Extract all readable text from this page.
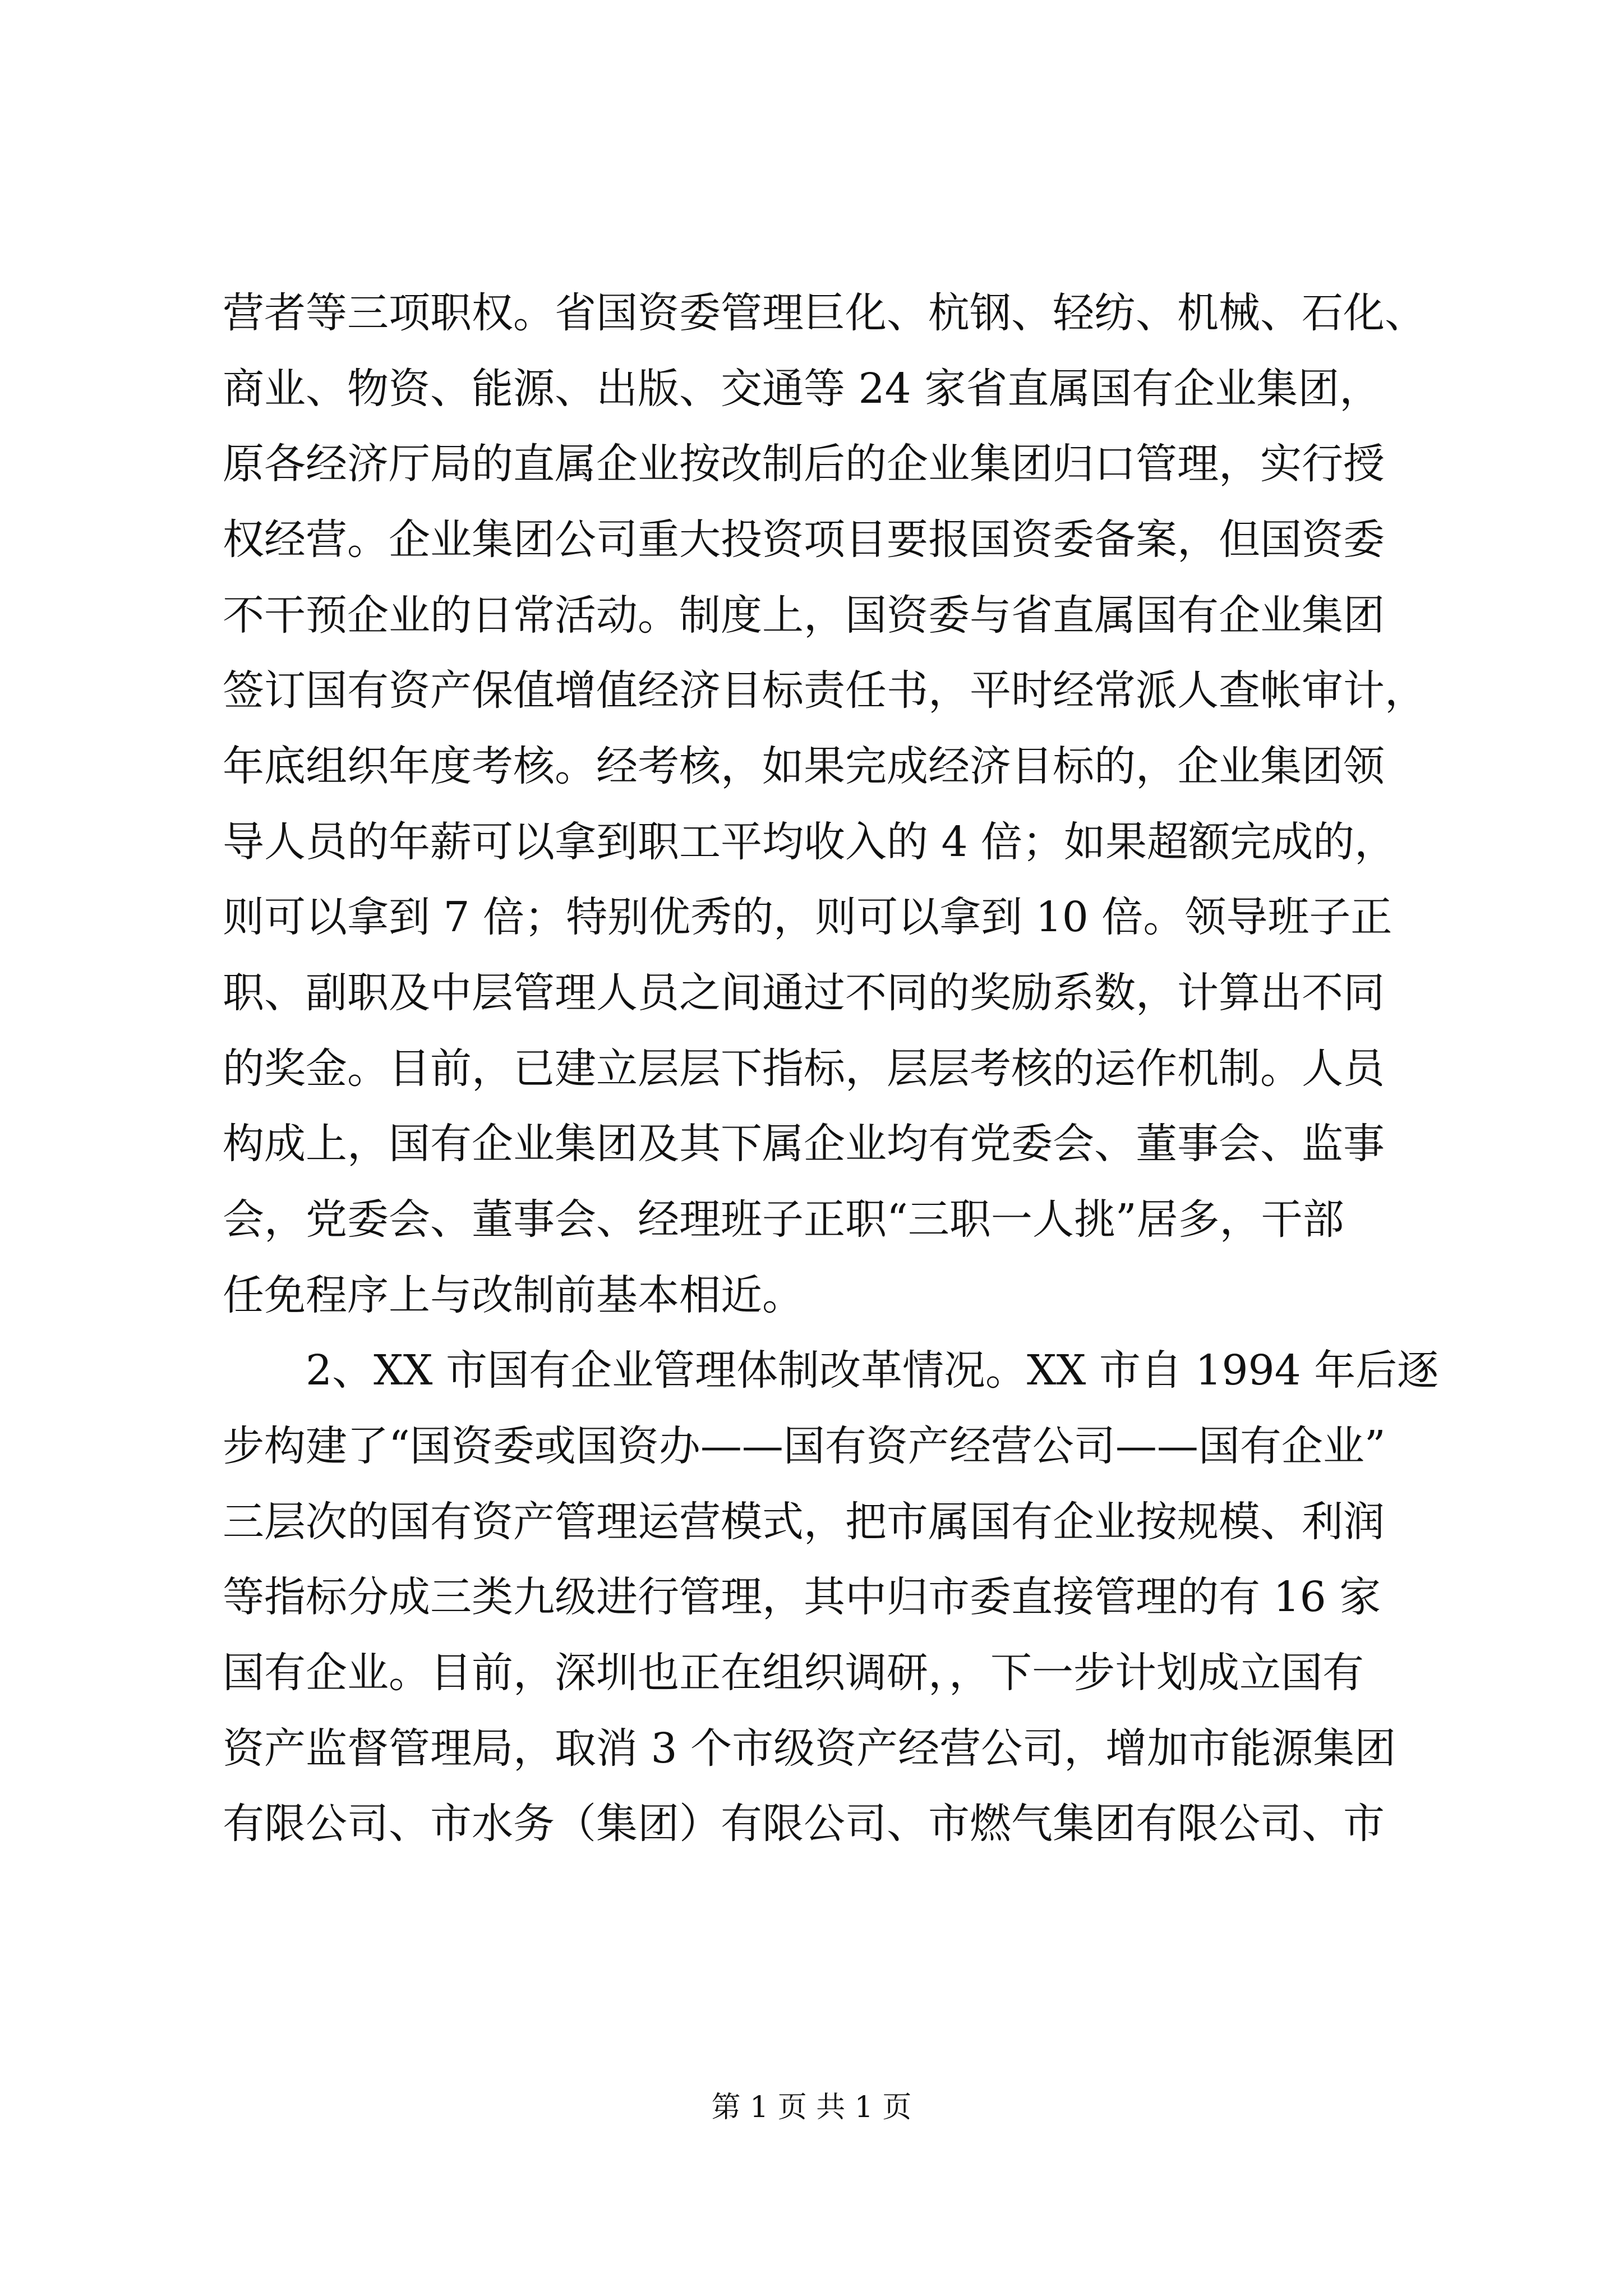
营者等三项职权。省国资委管理巨化、杭钢、轻纺、机械、石化、
商业、物资、能源、出版、交通等 24 家省直属国有企业集团，
原各经济厅局的直属企业按改制后的企业集团归口管理，实行授
权经营。企业集团公司重大投资项目要报国资委备案，但国资委
不干预企业的日常活动。制度上，国资委与省直属国有企业集团
签订国有资产保值增值经济目标责任书，平时经常派人查帐审计，
年底组织年度考核。经考核，如果完成经济目标的，企业集团领
导人员的年薪可以拿到职工平均收入的 4 倍；如果超额完成的，
则可以拿到 7 倍；特别优秀的，则可以拿到 10 倍。领导班子正
职、副职及中层管理人员之间通过不同的奖励系数，计算出不同
的奖金。目前，已建立层层下指标，层层考核的运作机制。人员
构成上，国有企业集团及其下属企业均有党委会、董事会、监事
会，党委会、董事会、经理班子正职“三职一人挑”居多，干部
任免程序上与改制前基本相近。
2、XX 市国有企业管理体制改革情况。XX 市自 1994 年后逐
步构建了“国资委或国资办——国有资产经营公司——国有企业”
三层次的国有资产管理运营模式，把市属国有企业按规模、利润
等指标分成三类九级进行管理，其中归市委直接管理的有 16 家
国有企业。目前，深圳也正在组织调研，，下一步计划成立国有
资产监督管理局，取消 3 个市级资产经营公司，增加市能源集团
有限公司、市水务（集团）有限公司、市燃气集团有限公司、市
第 1 页 共 1 页
